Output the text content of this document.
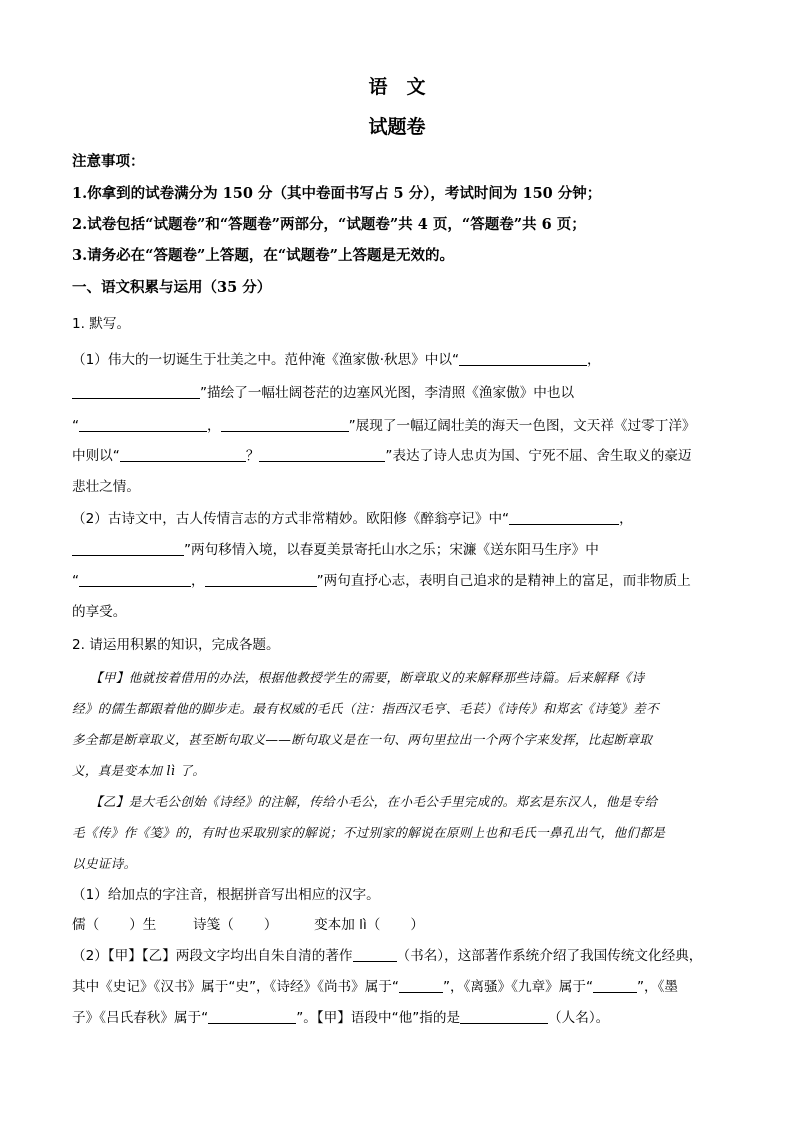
语　文
试题卷
注意事项：
1.你拿到的试卷满分为 150 分（其中卷面书写占 5 分），考试时间为 150 分钟；
2.试卷包括“试题卷”和“答题卷”两部分，“试题卷”共 4 页，“答题卷”共 6 页；
3.请务必在“答题卷”上答题，在“试题卷”上答题是无效的。
一、语文积累与运用（35 分）
1. 默写。
（1）伟大的一切诞生于壮美之中。范仲淹《渔家傲·秋思》中以“	，
”描绘了一幅壮阔苍茫的边塞风光图，李清照《渔家傲》中也以
“	，	”展现了一幅辽阔壮美的海天一色图，文天祥《过零丁洋》
中则以“	？	”表达了诗人忠贞为国、宁死不屈、舍生取义的豪迈
悲壮之情。
（2）古诗文中，古人传情言志的方式非常精妙。欧阳修《醉翁亭记》中“	，
”两句移情入境，以春夏美景寄托山水之乐；宋濂《送东阳马生序》中
“	，	”两句直抒心志，表明自己追求的是精神上的富足，而非物质上
的享受。
2. 请运用积累的知识，完成各题。
【甲】他就按着借用的办法，根据他教授学生的需要，断章取义的来解释那些诗篇。后来解释《诗
经》的儒生都跟着他的脚步走。最有权威的毛氏（注：指西汉毛亨、毛苌）《诗传》和郑玄《诗笺》差不
多全都是断章取义，甚至断句取义——断句取义是在一句、两句里拉出一个两个字来发挥，比起断章取
义，真是变本加 lì 了。
【乙】是大毛公创始《诗经》的注解，传给小毛公，在小毛公手里完成的。郑玄是东汉人，他是专给
毛《传》作《笺》的，有时也采取别家的解说；不过别家的解说在原则上也和毛氏一鼻孔出气，他们都是
以史证诗。
（1）给加点的字注音，根据拼音写出相应的汉字。
儒（ ）生	诗笺（ ）	变本加 lì（ ）
（2）【甲】【乙】两段文字均出自朱自清的著作	（书名），这部著作系统介绍了我国传统文化经典，
其中《史记》《汉书》属于“史”，《诗经》《尚书》属于“	”，《离骚》《九章》属于“	”，《墨
子》《吕氏春秋》属于“	”。【甲】语段中“他”指的是	（人名）。
